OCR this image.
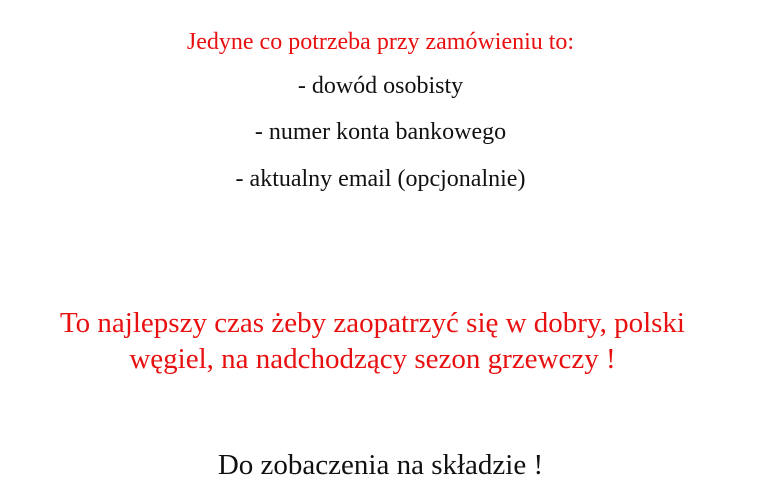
Jedyne co potrzeba przy zamówieniu to:

- dowód osobisty

- numer konta bankowego

- aktualny email (opcjonalnie)

To najlepszy czas żeby zaopatrzyć się w dobry, polski
węgiel, na nadchodzący sezon grzewczy !

Do zobaczenia na składzie !
